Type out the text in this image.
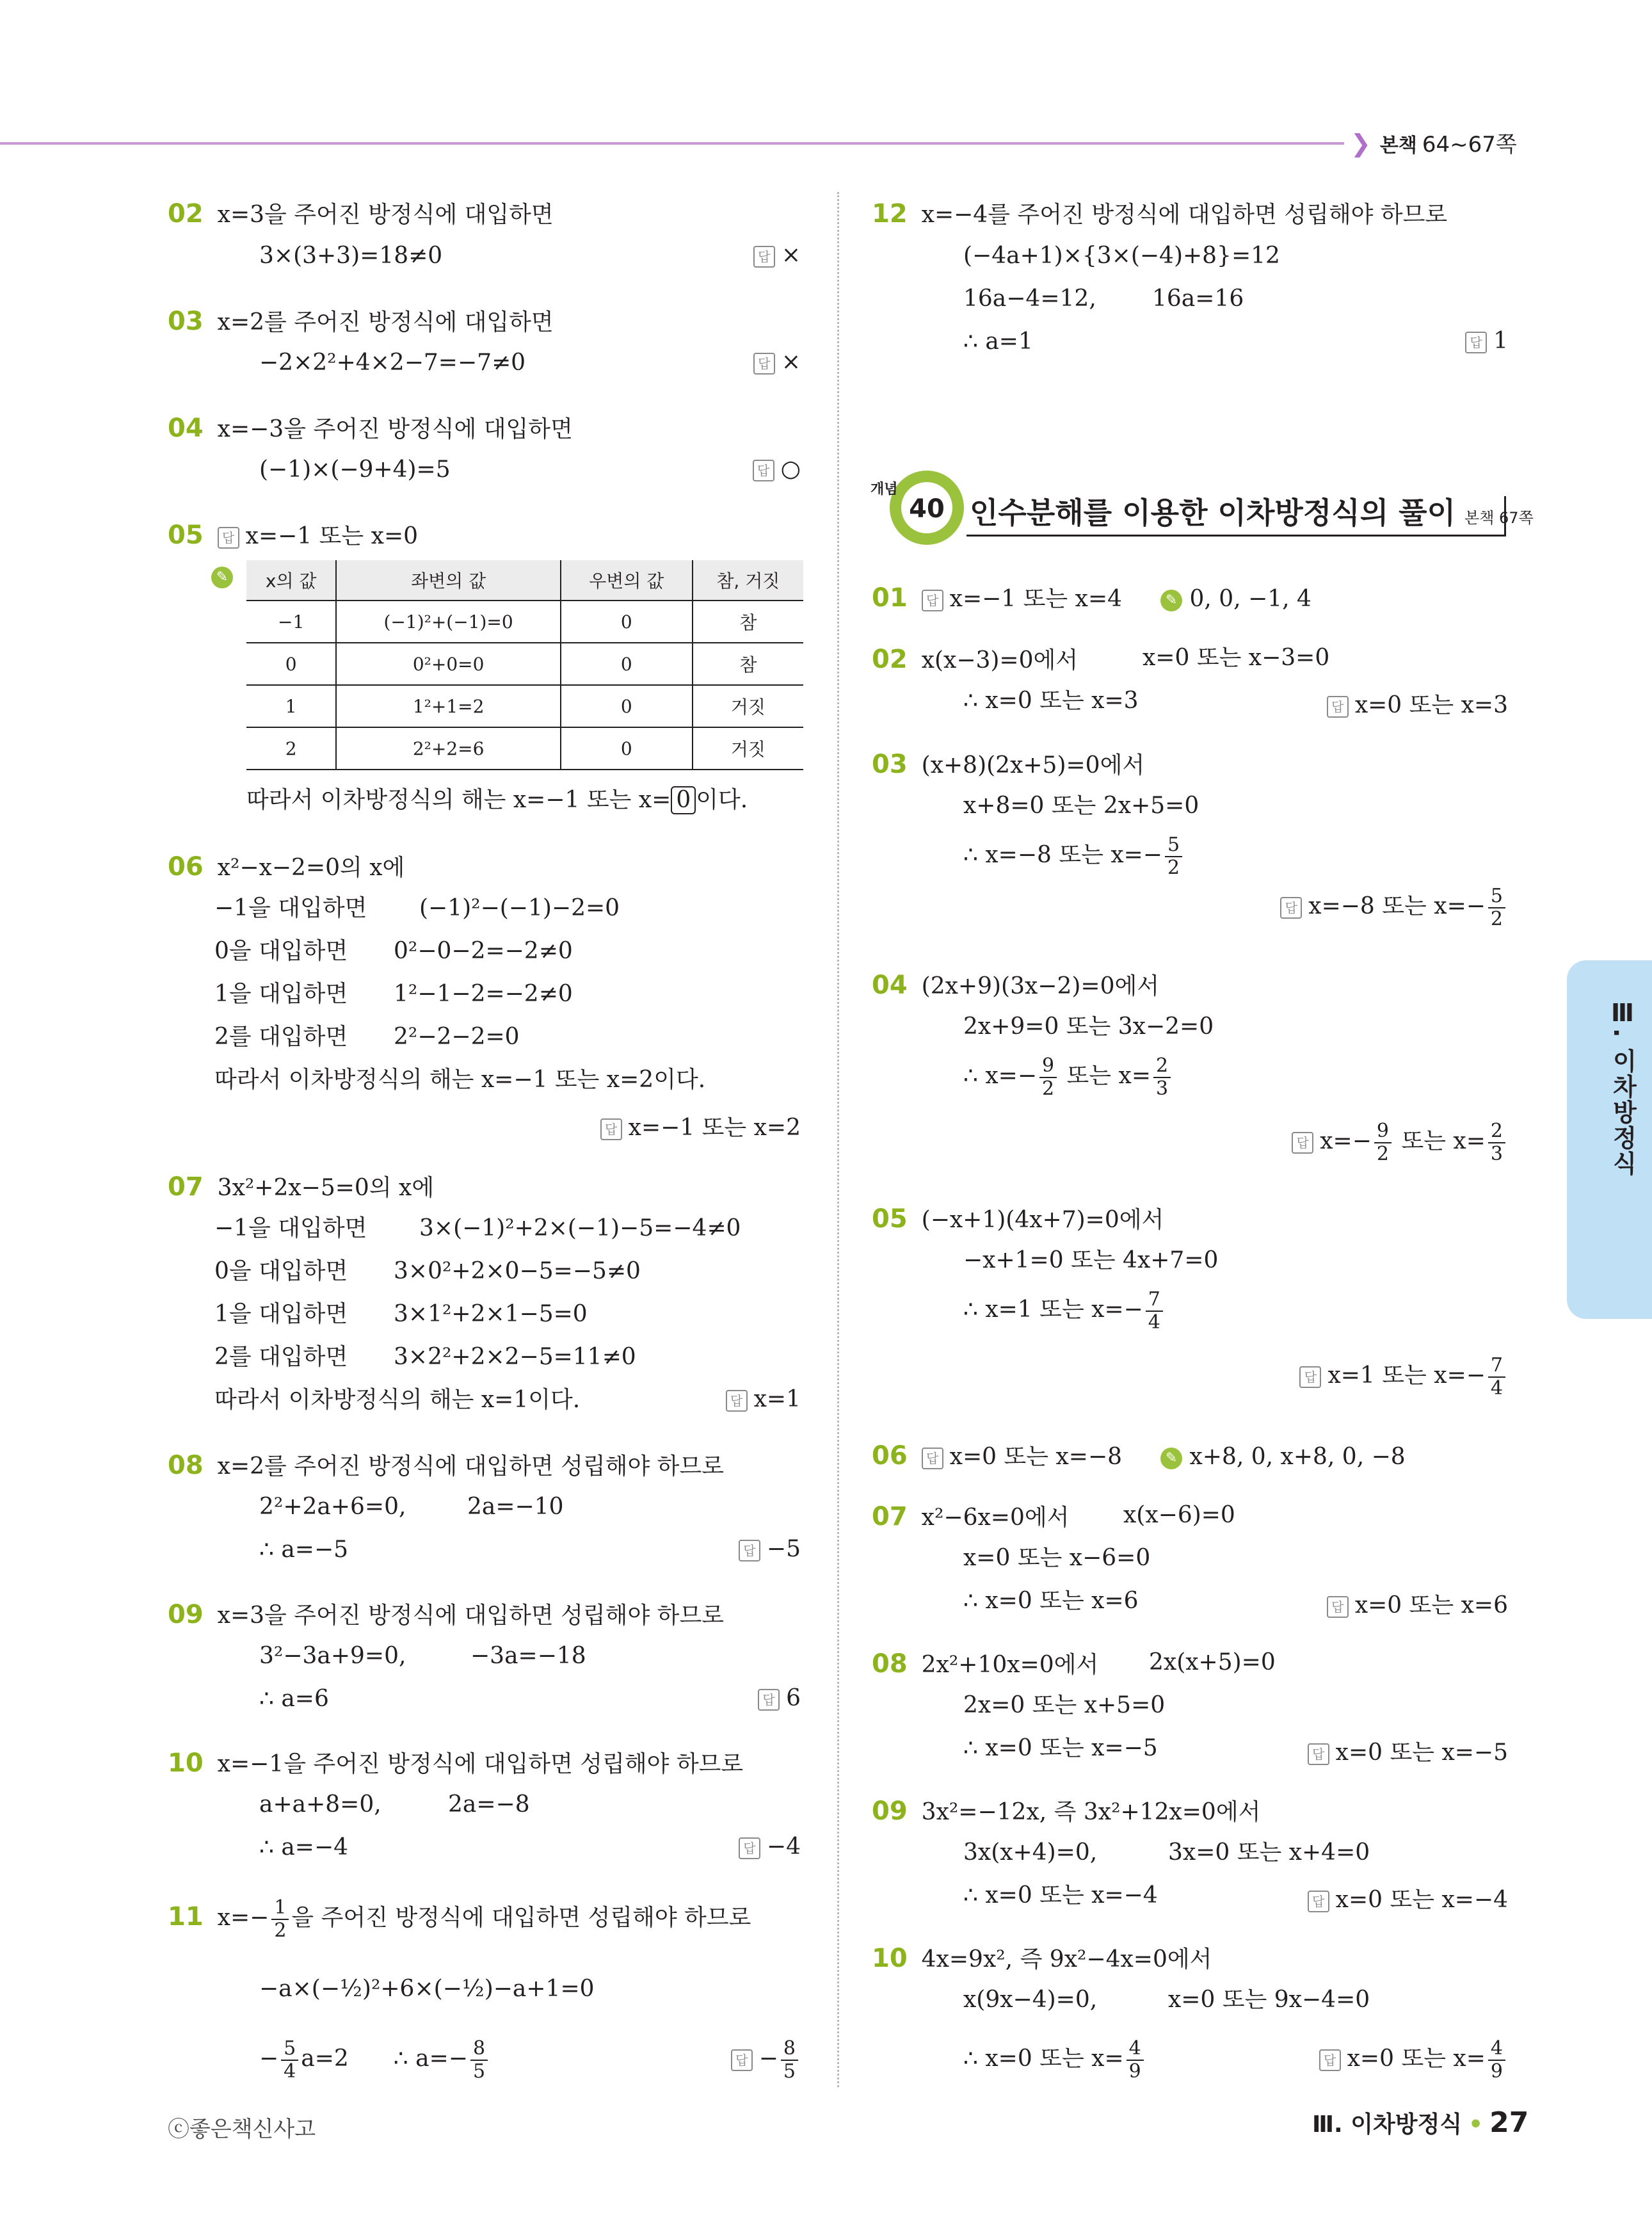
❯ 본책 64~67쪽
02 x=3을 주어진 방정식에 대입하면
3×(3+3)=18≠0	답 ×
03 x=2를 주어진 방정식에 대입하면
−2×2²+4×2−7=−7≠0	답 ×
04 x=−3을 주어진 방정식에 대입하면
(−1)×(−9+4)=5	답 ○
05 답 x=−1 또는 x=0
✎ x의 값	좌변의 값	우변의 값	참, 거짓
−1	(−1)²+(−1)=0	0	참
0	0²+0=0	0	참
1	1²+1=2	0	거짓
2	2²+2=6	0	거짓
따라서 이차방정식의 해는 x=−1 또는 x= 0 이다.
06 x²−x−2=0의 x에
−1을 대입하면 (−1)²−(−1)−2=0
0을 대입하면 0²−0−2=−2≠0
1을 대입하면 1²−1−2=−2≠0
2를 대입하면 2²−2−2=0
따라서 이차방정식의 해는 x=−1 또는 x=2이다.
답 x=−1 또는 x=2
07 3x²+2x−5=0의 x에
−1을 대입하면 3×(−1)²+2×(−1)−5=−4≠0
0을 대입하면 3×0²+2×0−5=−5≠0
1을 대입하면 3×1²+2×1−5=0
2를 대입하면 3×2²+2×2−5=11≠0
따라서 이차방정식의 해는 x=1이다.	답 x=1
08 x=2를 주어진 방정식에 대입하면 성립해야 하므로
2²+2a+6=0,	2a=−10
∴ a=−5	답 −5
09 x=3을 주어진 방정식에 대입하면 성립해야 하므로
3²−3a+9=0,	−3a=−18
∴ a=6	답 6
10 x=−1을 주어진 방정식에 대입하면 성립해야 하므로
a+a+8=0,	2a=−8
∴ a=−4	답 −4
11 $x=- \frac{1}{2}$ 을 주어진 방정식에 대입하면 성립해야 하므로
−a×(−½)²+6×(−½)−a+1=0
− $\frac{5}{4} a=2$ ∴ $a=- \frac{8}{5}$	답 − $\frac{8}{5}$
12 x=−4를 주어진 방정식에 대입하면 성립해야 하므로
(−4a+1)×{3×(−4)+8}=12
16a−4=12, 16a=16
∴ a=1	답 1
40
개념
인수분해를 이용한 이차방정식의 풀이 본책 67쪽
01 답 x=−1 또는 x=4	✎ 0, 0, −1, 4
02 x(x−3)=0에서	x=0 또는 x−3=0
∴ x=0 또는 x=3	답 x=0 또는 x=3
03 (x+8)(2x+5)=0에서
x+8=0 또는 2x+5=0
∴ x=−8 또는 $x=- \frac{5}{2}$
답 x=−8 또는 $x=- \frac{5}{2}$
04 (2x+9)(3x−2)=0에서
2x+9=0 또는 3x−2=0
∴ $x=- \frac{9}{2}$ 또는 $x= \frac{2}{3}$
답 $x=- \frac{9}{2}$ 또는 $x= \frac{2}{3}$
05 (−x+1)(4x+7)=0에서
−x+1=0 또는 4x+7=0
∴ x=1 또는 $x=- \frac{7}{4}$
답 x=1 또는 $x=- \frac{7}{4}$
06 답 x=0 또는 x=−8	✎ x+8, 0, x+8, 0, −8
07 x²−6x=0에서 x(x−6)=0
x=0 또는 x−6=0
∴ x=0 또는 x=6	답 x=0 또는 x=6
08 2x²+10x=0에서 2x(x+5)=0
2x=0 또는 x+5=0
∴ x=0 또는 x=−5	답 x=0 또는 x=−5
09 3x²=−12x, 즉 3x²+12x=0에서
3x(x+4)=0,	3x=0 또는 x+4=0
∴ x=0 또는 x=−4	답 x=0 또는 x=−4
10 4x=9x², 즉 9x²−4x=0에서
x(9x−4)=0,	x=0 또는 9x−4=0
∴ x=0 또는 $x= \frac{4}{9}$	답 x=0 또는 $x= \frac{4}{9}$
Ⅲ. 이차방정식
ⓒ좋은책신사고	Ⅲ. 이차방정식 • 27
